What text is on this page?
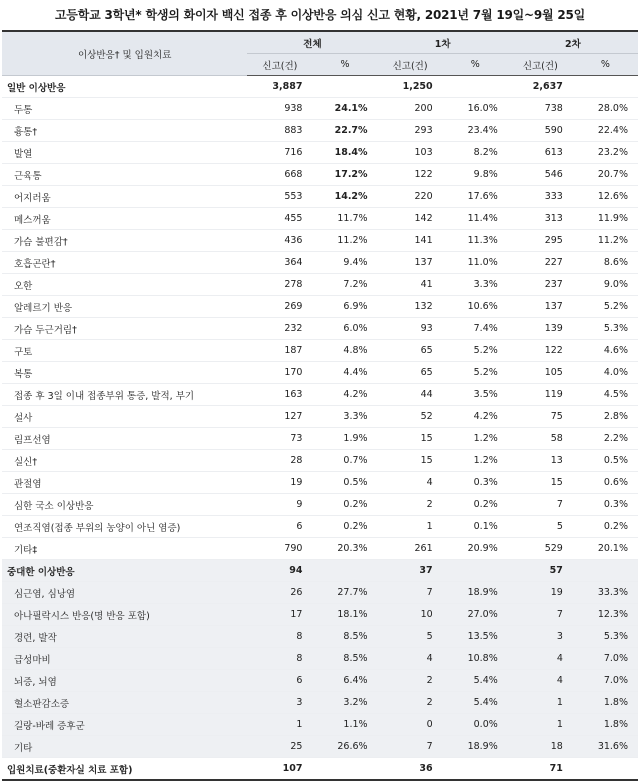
고등학교 3학년* 학생의 화이자 백신 접종 후 이상반응 의심 신고 현황, 2021년 7월 19일~9월 25일
이상반응† 및 입원치료	전체		1차		2차	
	신고(건)	%	신고(건)	%	신고(건)	%
일반 이상반응	3,887		1,250		2,637	
두통	938	24.1%	200	16.0%	738	28.0%
흉통†	883	22.7%	293	23.4%	590	22.4%
발열	716	18.4%	103	8.2%	613	23.2%
근육통	668	17.2%	122	9.8%	546	20.7%
어지러움	553	14.2%	220	17.6%	333	12.6%
메스꺼움	455	11.7%	142	11.4%	313	11.9%
가슴 불편감†	436	11.2%	141	11.3%	295	11.2%
호흡곤란†	364	9.4%	137	11.0%	227	8.6%
오한	278	7.2%	41	3.3%	237	9.0%
알레르기 반응	269	6.9%	132	10.6%	137	5.2%
가슴 두근거림†	232	6.0%	93	7.4%	139	5.3%
구토	187	4.8%	65	5.2%	122	4.6%
복통	170	4.4%	65	5.2%	105	4.0%
접종 후 3일 이내 접종부위 통증, 발적, 부기	163	4.2%	44	3.5%	119	4.5%
설사	127	3.3%	52	4.2%	75	2.8%
림프선염	73	1.9%	15	1.2%	58	2.2%
실신†	28	0.7%	15	1.2%	13	0.5%
관절염	19	0.5%	4	0.3%	15	0.6%
심한 국소 이상반응	9	0.2%	2	0.2%	7	0.3%
연조직염(접종 부위의 농양이 아닌 염증)	6	0.2%	1	0.1%	5	0.2%
기타‡	790	20.3%	261	20.9%	529	20.1%
중대한 이상반응	94		37		57	
심근염, 심낭염	26	27.7%	7	18.9%	19	33.3%
아나필락시스 반응(명 반응 포함)	17	18.1%	10	27.0%	7	12.3%
경련, 발작	8	8.5%	5	13.5%	3	5.3%
급성마비	8	8.5%	4	10.8%	4	7.0%
뇌증, 뇌염	6	6.4%	2	5.4%	4	7.0%
혈소판감소증	3	3.2%	2	5.4%	1	1.8%
길랑-바레 증후군	1	1.1%	0	0.0%	1	1.8%
기타	25	26.6%	7	18.9%	18	31.6%
입원치료(중환자실 치료 포함)	107		36		71	
